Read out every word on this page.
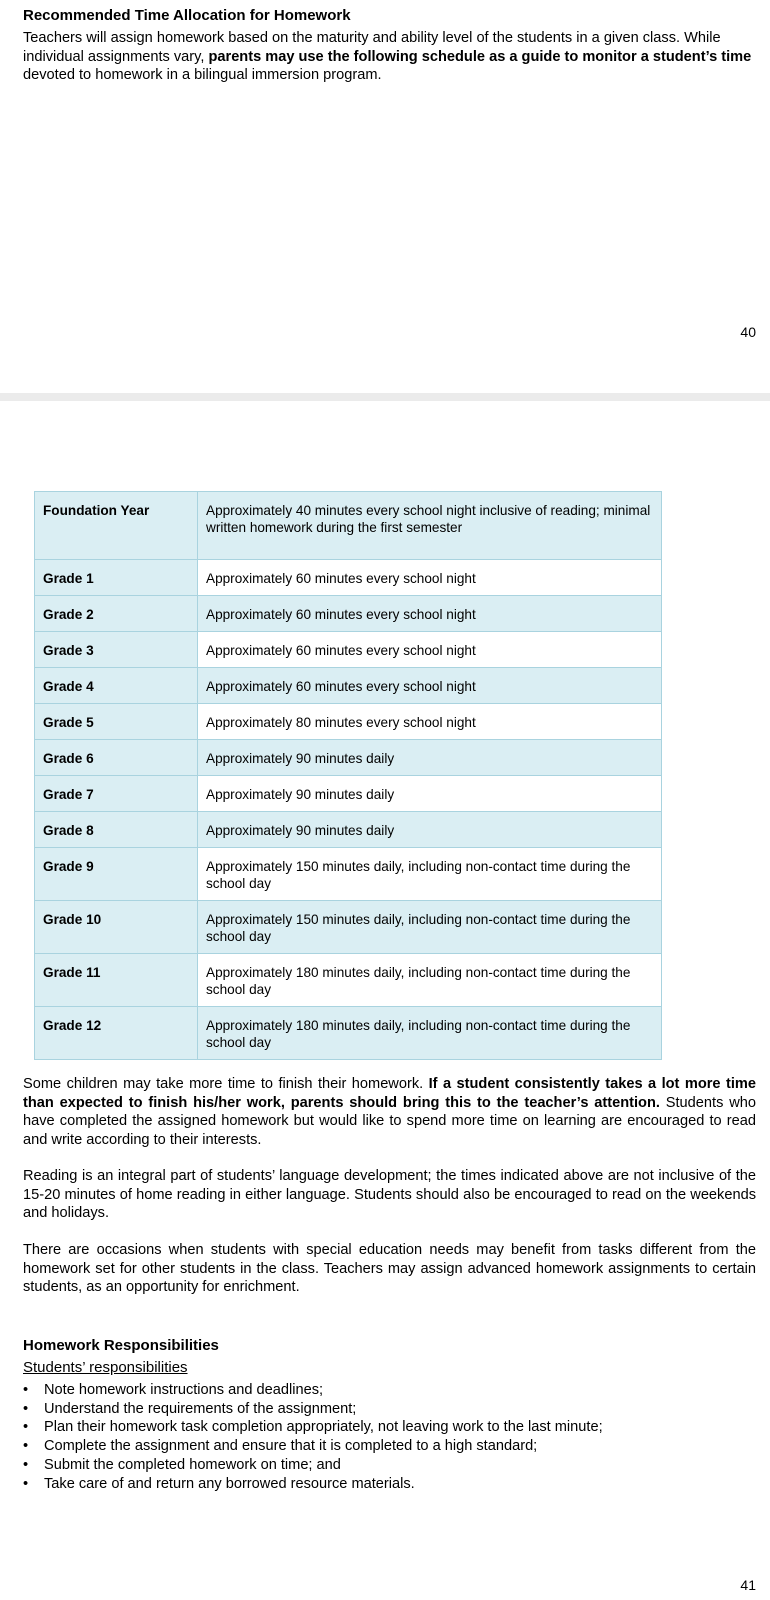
Recommended Time Allocation for Homework

Teachers will assign homework based on the maturity and ability level of the students in a given class. While individual assignments vary, parents may use the following schedule as a guide to monitor a student’s time devoted to homework in a bilingual immersion program.

40
Foundation Year	Approximately 40 minutes every school night inclusive of reading; minimal written homework during the first semester
Grade 1	Approximately 60 minutes every school night
Grade 2	Approximately 60 minutes every school night
Grade 3	Approximately 60 minutes every school night
Grade 4	Approximately 60 minutes every school night
Grade 5	Approximately 80 minutes every school night
Grade 6	Approximately 90 minutes daily
Grade 7	Approximately 90 minutes daily
Grade 8	Approximately 90 minutes daily
Grade 9	Approximately 150 minutes daily, including non-contact time during the school day
Grade 10	Approximately 150 minutes daily, including non-contact time during the school day
Grade 11	Approximately 180 minutes daily, including non-contact time during the school day
Grade 12	Approximately 180 minutes daily, including non-contact time during the school day

Some children may take more time to finish their homework. If a student consistently takes a lot more time than expected to finish his/her work, parents should bring this to the teacher’s attention. Students who have completed the assigned homework but would like to spend more time on learning are encouraged to read and write according to their interests.

Reading is an integral part of students’ language development; the times indicated above are not inclusive of the 15-20 minutes of home reading in either language. Students should also be encouraged to read on the weekends and holidays.

There are occasions when students with special education needs may benefit from tasks different from the homework set for other students in the class. Teachers may assign advanced homework assignments to certain students, as an opportunity for enrichment.

Homework Responsibilities
Students’ responsibilities
• Note homework instructions and deadlines;
• Understand the requirements of the assignment;
• Plan their homework task completion appropriately, not leaving work to the last minute;
• Complete the assignment and ensure that it is completed to a high standard;
• Submit the completed homework on time; and
• Take care of and return any borrowed resource materials.
41
